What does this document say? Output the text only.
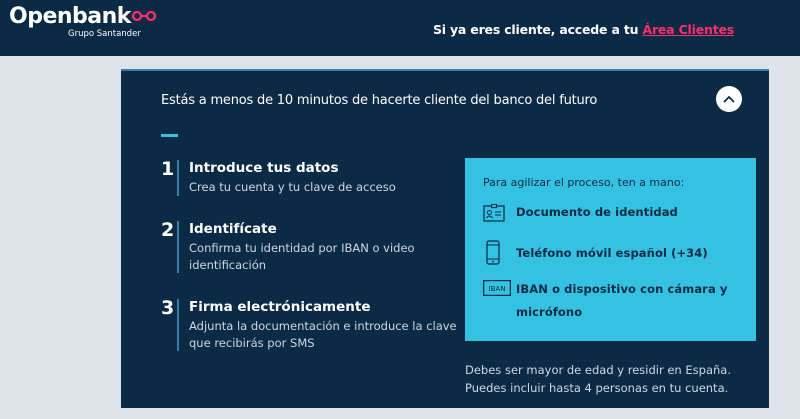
Openbank
Grupo Santander	Si ya eres cliente, accede a tu Área Clientes
Estás a menos de 10 minutos de hacerte cliente del banco del futuro
1 Introduce tus datos
Crea tu cuenta y tu clave de acceso
2 Identifícate
Confirma tu identidad por IBAN o video identificación
3 Firma electrónicamente
Adjunta la documentación e introduce la clave que recibirás por SMS
Para agilizar el proceso, ten a mano:
Documento de identidad
Teléfono móvil español (+34)
IBAN IBAN o dispositivo con cámara y micrófono
Debes ser mayor de edad y residir en España. Puedes incluir hasta 4 personas en tu cuenta.
